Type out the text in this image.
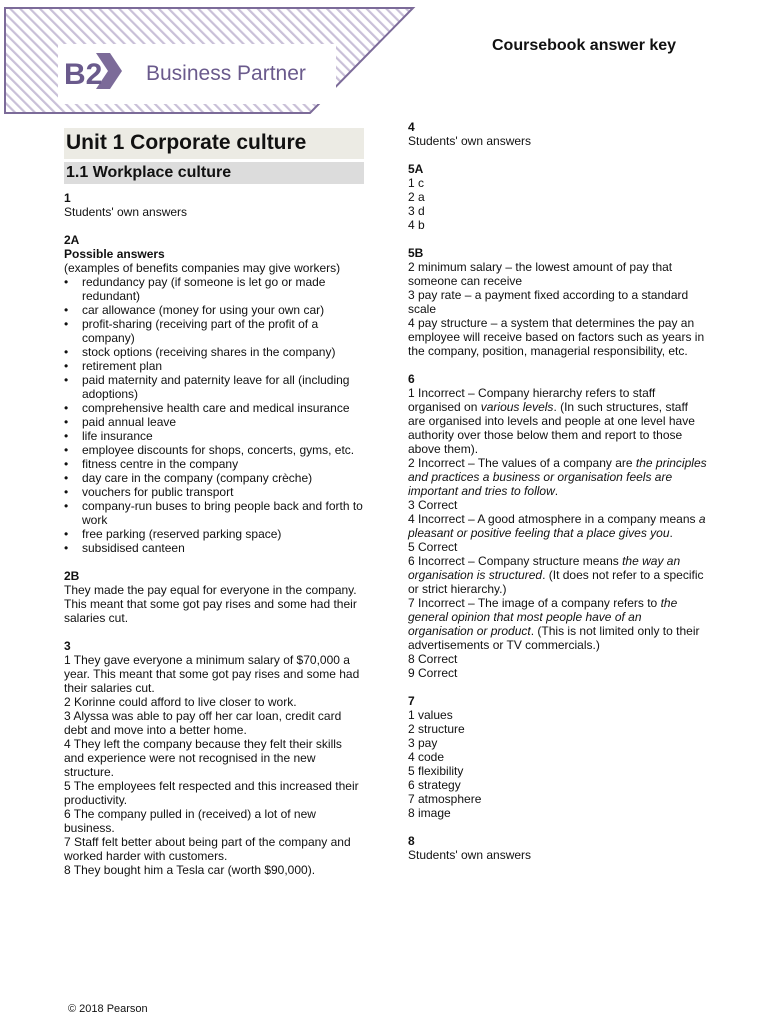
B2 Business Partner
Coursebook answer key
Unit 1 Corporate culture
1.1 Workplace culture
1
Students' own answers
2A
Possible answers
(examples of benefits companies may give workers)
• redundancy pay (if someone is let go or made redundant)
• car allowance (money for using your own car)
• profit-sharing (receiving part of the profit of a company)
• stock options (receiving shares in the company)
• retirement plan
• paid maternity and paternity leave for all (including adoptions)
• comprehensive health care and medical insurance
• paid annual leave
• life insurance
• employee discounts for shops, concerts, gyms, etc.
• fitness centre in the company
• day care in the company (company crèche)
• vouchers for public transport
• company-run buses to bring people back and forth to work
• free parking (reserved parking space)
• subsidised canteen
2B
They made the pay equal for everyone in the company. This meant that some got pay rises and some had their salaries cut.
3
1 They gave everyone a minimum salary of $70,000 a year. This meant that some got pay rises and some had their salaries cut.
2 Korinne could afford to live closer to work.
3 Alyssa was able to pay off her car loan, credit card debt and move into a better home.
4 They left the company because they felt their skills and experience were not recognised in the new structure.
5 The employees felt respected and this increased their productivity.
6 The company pulled in (received) a lot of new business.
7 Staff felt better about being part of the company and worked harder with customers.
8 They bought him a Tesla car (worth $90,000).
4
Students' own answers
5A
1 c
2 a
3 d
4 b
5B
2 minimum salary – the lowest amount of pay that someone can receive
3 pay rate – a payment fixed according to a standard scale
4 pay structure – a system that determines the pay an employee will receive based on factors such as years in the company, position, managerial responsibility, etc.
6
1 Incorrect – Company hierarchy refers to staff organised on various levels. (In such structures, staff are organised into levels and people at one level have authority over those below them and report to those above them).
2 Incorrect – The values of a company are the principles and practices a business or organisation feels are important and tries to follow.
3 Correct
4 Incorrect – A good atmosphere in a company means a pleasant or positive feeling that a place gives you.
5 Correct
6 Incorrect – Company structure means the way an organisation is structured. (It does not refer to a specific or strict hierarchy.)
7 Incorrect – The image of a company refers to the general opinion that most people have of an organisation or product. (This is not limited only to their advertisements or TV commercials.)
8 Correct
9 Correct
7
1 values
2 structure
3 pay
4 code
5 flexibility
6 strategy
7 atmosphere
8 image
8
Students' own answers
© 2018 Pearson
